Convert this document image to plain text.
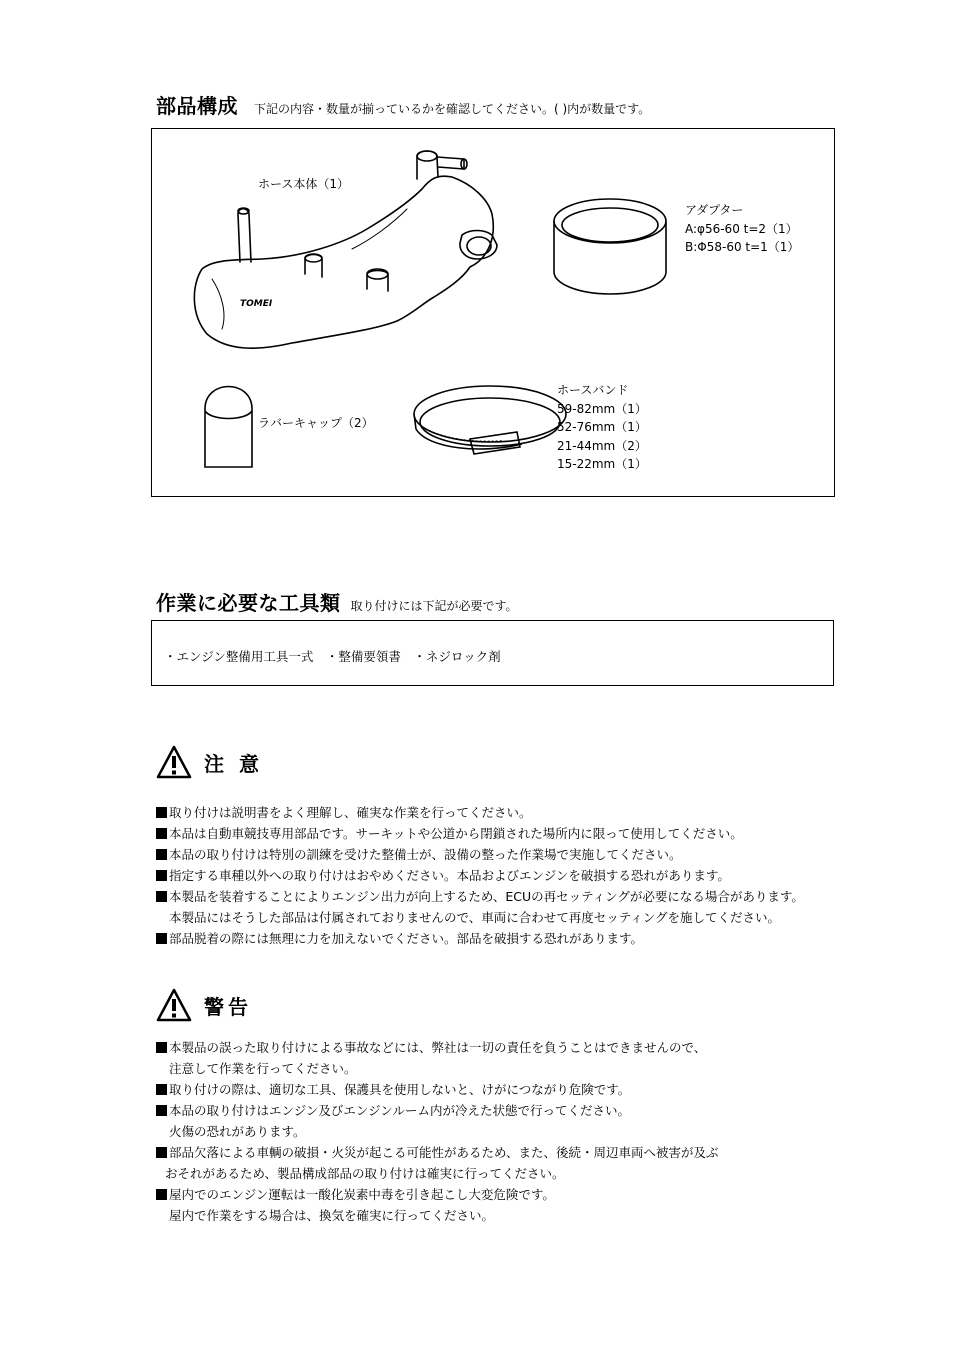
部品構成 下記の内容・数量が揃っているかを確認してください。( )内が数量です。
TOMEI
ホース本体（1）
アダプター
A:φ56-60 t=2（1）
B:Φ58-60 t=1（1）
ラバーキャップ（2）
ホースバンド
59-82mm（1）
52-76mm（1）
21-44mm（2）
15-22mm（1）
作業に必要な工具類 取り付けには下記が必要です。
・エンジン整備用工具一式　・整備要領書　・ネジロック剤
注 意
取り付けは説明書をよく理解し、確実な作業を行ってください。
本品は自動車競技専用部品です。サーキットや公道から閉鎖された場所内に限って使用してください。
本品の取り付けは特別の訓練を受けた整備士が、設備の整った作業場で実施してください。
指定する車種以外への取り付けはおやめください。本品およびエンジンを破損する恐れがあります。
本製品を装着することによりエンジン出力が向上するため、ECUの再セッティングが必要になる場合があります。
本製品にはそうした部品は付属されておりませんので、車両に合わせて再度セッティングを施してください。
部品脱着の際には無理に力を加えないでください。部品を破損する恐れがあります。
警告
本製品の誤った取り付けによる事故などには、弊社は一切の責任を負うことはできませんので、
注意して作業を行ってください。
取り付けの際は、適切な工具、保護具を使用しないと、けがにつながり危険です。
本品の取り付けはエンジン及びエンジンルーム内が冷えた状態で行ってください。
火傷の恐れがあります。
部品欠落による車輌の破損・火災が起こる可能性があるため、また、後続・周辺車両へ被害が及ぶ
おそれがあるため、製品構成部品の取り付けは確実に行ってください。
屋内でのエンジン運転は一酸化炭素中毒を引き起こし大変危険です。
屋内で作業をする場合は、換気を確実に行ってください。
